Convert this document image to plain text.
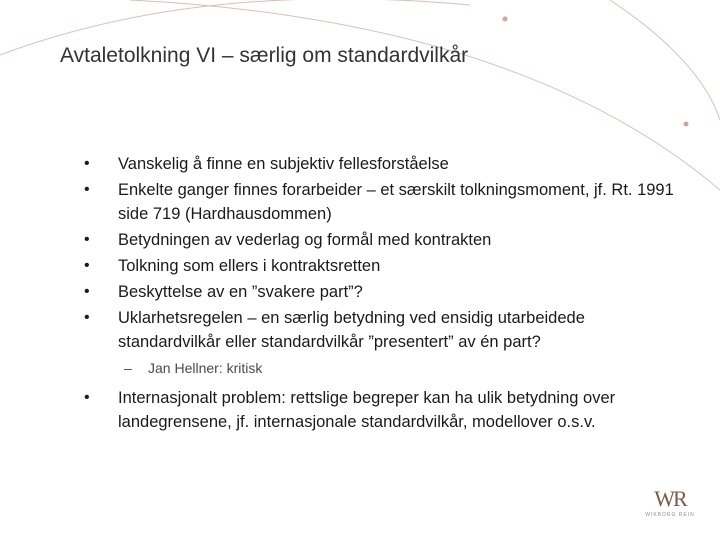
Avtaletolkning VI – særlig om standardvilkår
• Vanskelig å finne en subjektiv fellesforståelse
• Enkelte ganger finnes forarbeider – et særskilt tolkningsmoment, jf. Rt. 1991 side 719 (Hardhausdommen)
• Betydningen av vederlag og formål med kontrakten
• Tolkning som ellers i kontraktsretten
• Beskyttelse av en ”svakere part”?
• Uklarhetsregelen – en særlig betydning ved ensidig utarbeidede standardvilkår eller standardvilkår ”presentert” av én part?
– Jan Hellner: kritisk
• Internasjonalt problem: rettslige begreper kan ha ulik betydning over landegrensene, jf. internasjonale standardvilkår, modellover o.s.v.
WR
WIKBORG REIN
